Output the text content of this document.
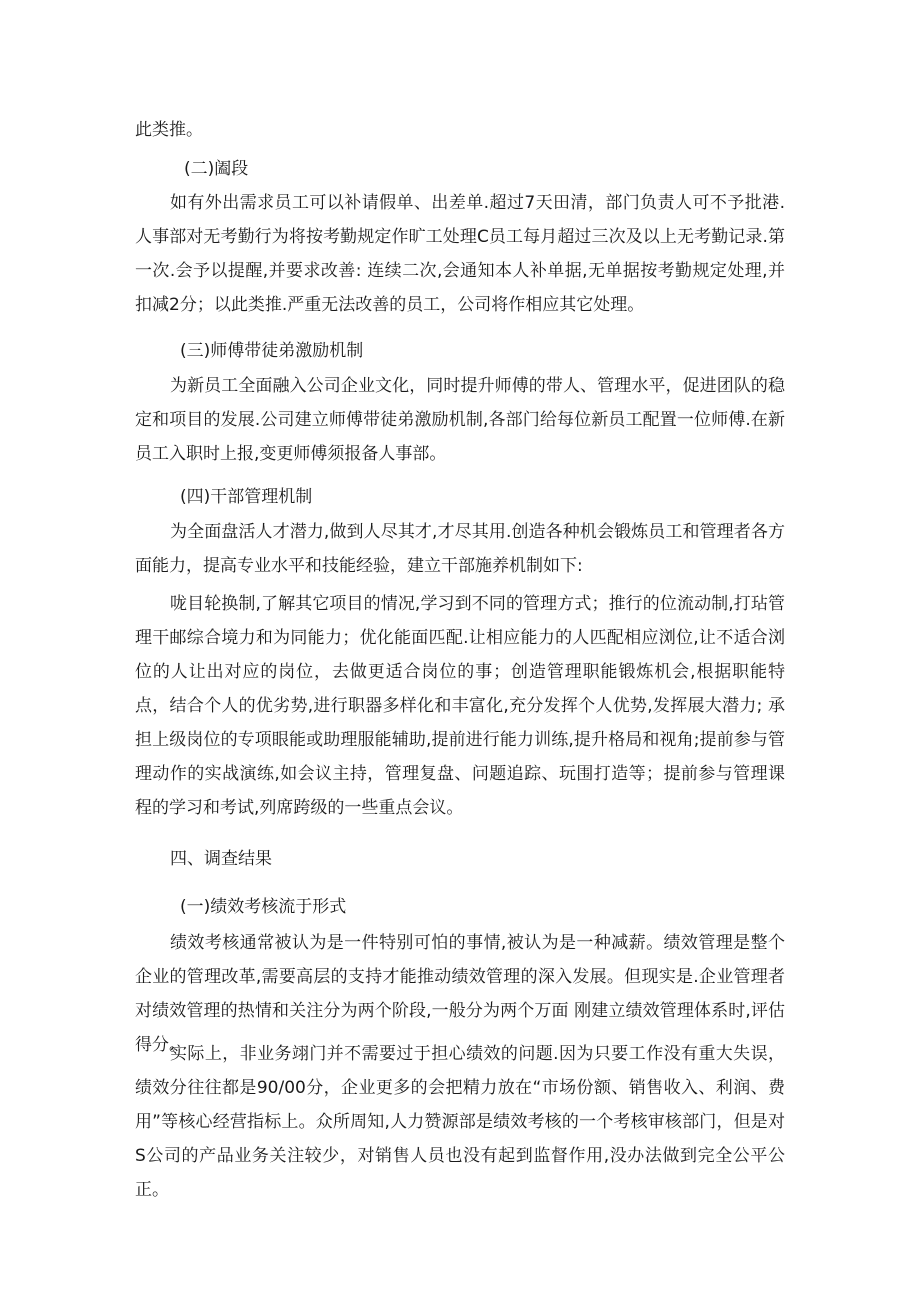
此类推。

(二)阖段

如有外出需求员工可以补请假单、出差单.超过7天田清，部门负责人可不予批港.人事部对无考勤行为将按考勤规定作旷工处理C员工每月超过三次及以上无考勤记录.第一次.会予以提醒,并要求改善: 连续二次,会通知本人补单据,无单据按考勤规定处理,并扣减2分；以此类推.严重无法改善的员工，公司将作相应其它处理。

(三)师傅带徒弟激励机制

为新员工全面融入公司企业文化，同时提升师傅的带人、管理水平，促进团队的稳定和项目的发展.公司建立师傅带徒弟激励机制,各部门给每位新员工配置一位师傅.在新员工入职时上报,变更师傅须报备人事部。

(四)干部管理机制

为全面盘活人才潜力,做到人尽其才,才尽其用.创造各种机会锻炼员工和管理者各方面能力，提高专业水平和技能经验，建立干部施养机制如下:

咙目轮换制,了解其它项目的情况,学习到不同的管理方式；推行的位流动制,打玷管理干邮综合境力和为同能力；优化能面匹配.让相应能力的人匹配相应浏位,让不适合浏位的人让出对应的岗位，去做更适合岗位的事；创造管理职能锻炼机会,根据职能特点，结合个人的优劣势,进行职器多样化和丰富化,充分发挥个人优势,发挥展大潜力; 承担上级岗位的专项眼能或助理服能辅助,提前进行能力训练,提升格局和视角;提前参与管理动作的实战演练,如会议主持，管理复盘、问题追踪、玩围打造等；提前参与管理课程的学习和考试,列席跨级的一些重点会议。

四、调查结果

(一)绩效考核流于形式

绩效考核通常被认为是一件特别可怕的事情,被认为是一种减薪。绩效管理是整个企业的管理改革,需要高层的支持才能推动绩效管理的深入发展。但现实是.企业管理者对绩效管理的热情和关注分为两个阶段,一般分为两个万面 刚建立绩效管理体系时,评估得分。

实际上，非业务翊门并不需要过于担心绩效的问题.因为只要工作没有重大失误，绩效分往往都是90/00分，企业更多的会把精力放在“市场份额、销售收入、利润、费用”等核心经营指标上。众所周知,人力赞源部是绩效考核的一个考核审核部门，但是对S公司的产品业务关注较少，对销售人员也没有起到监督作用,没办法做到完全公平公正。
